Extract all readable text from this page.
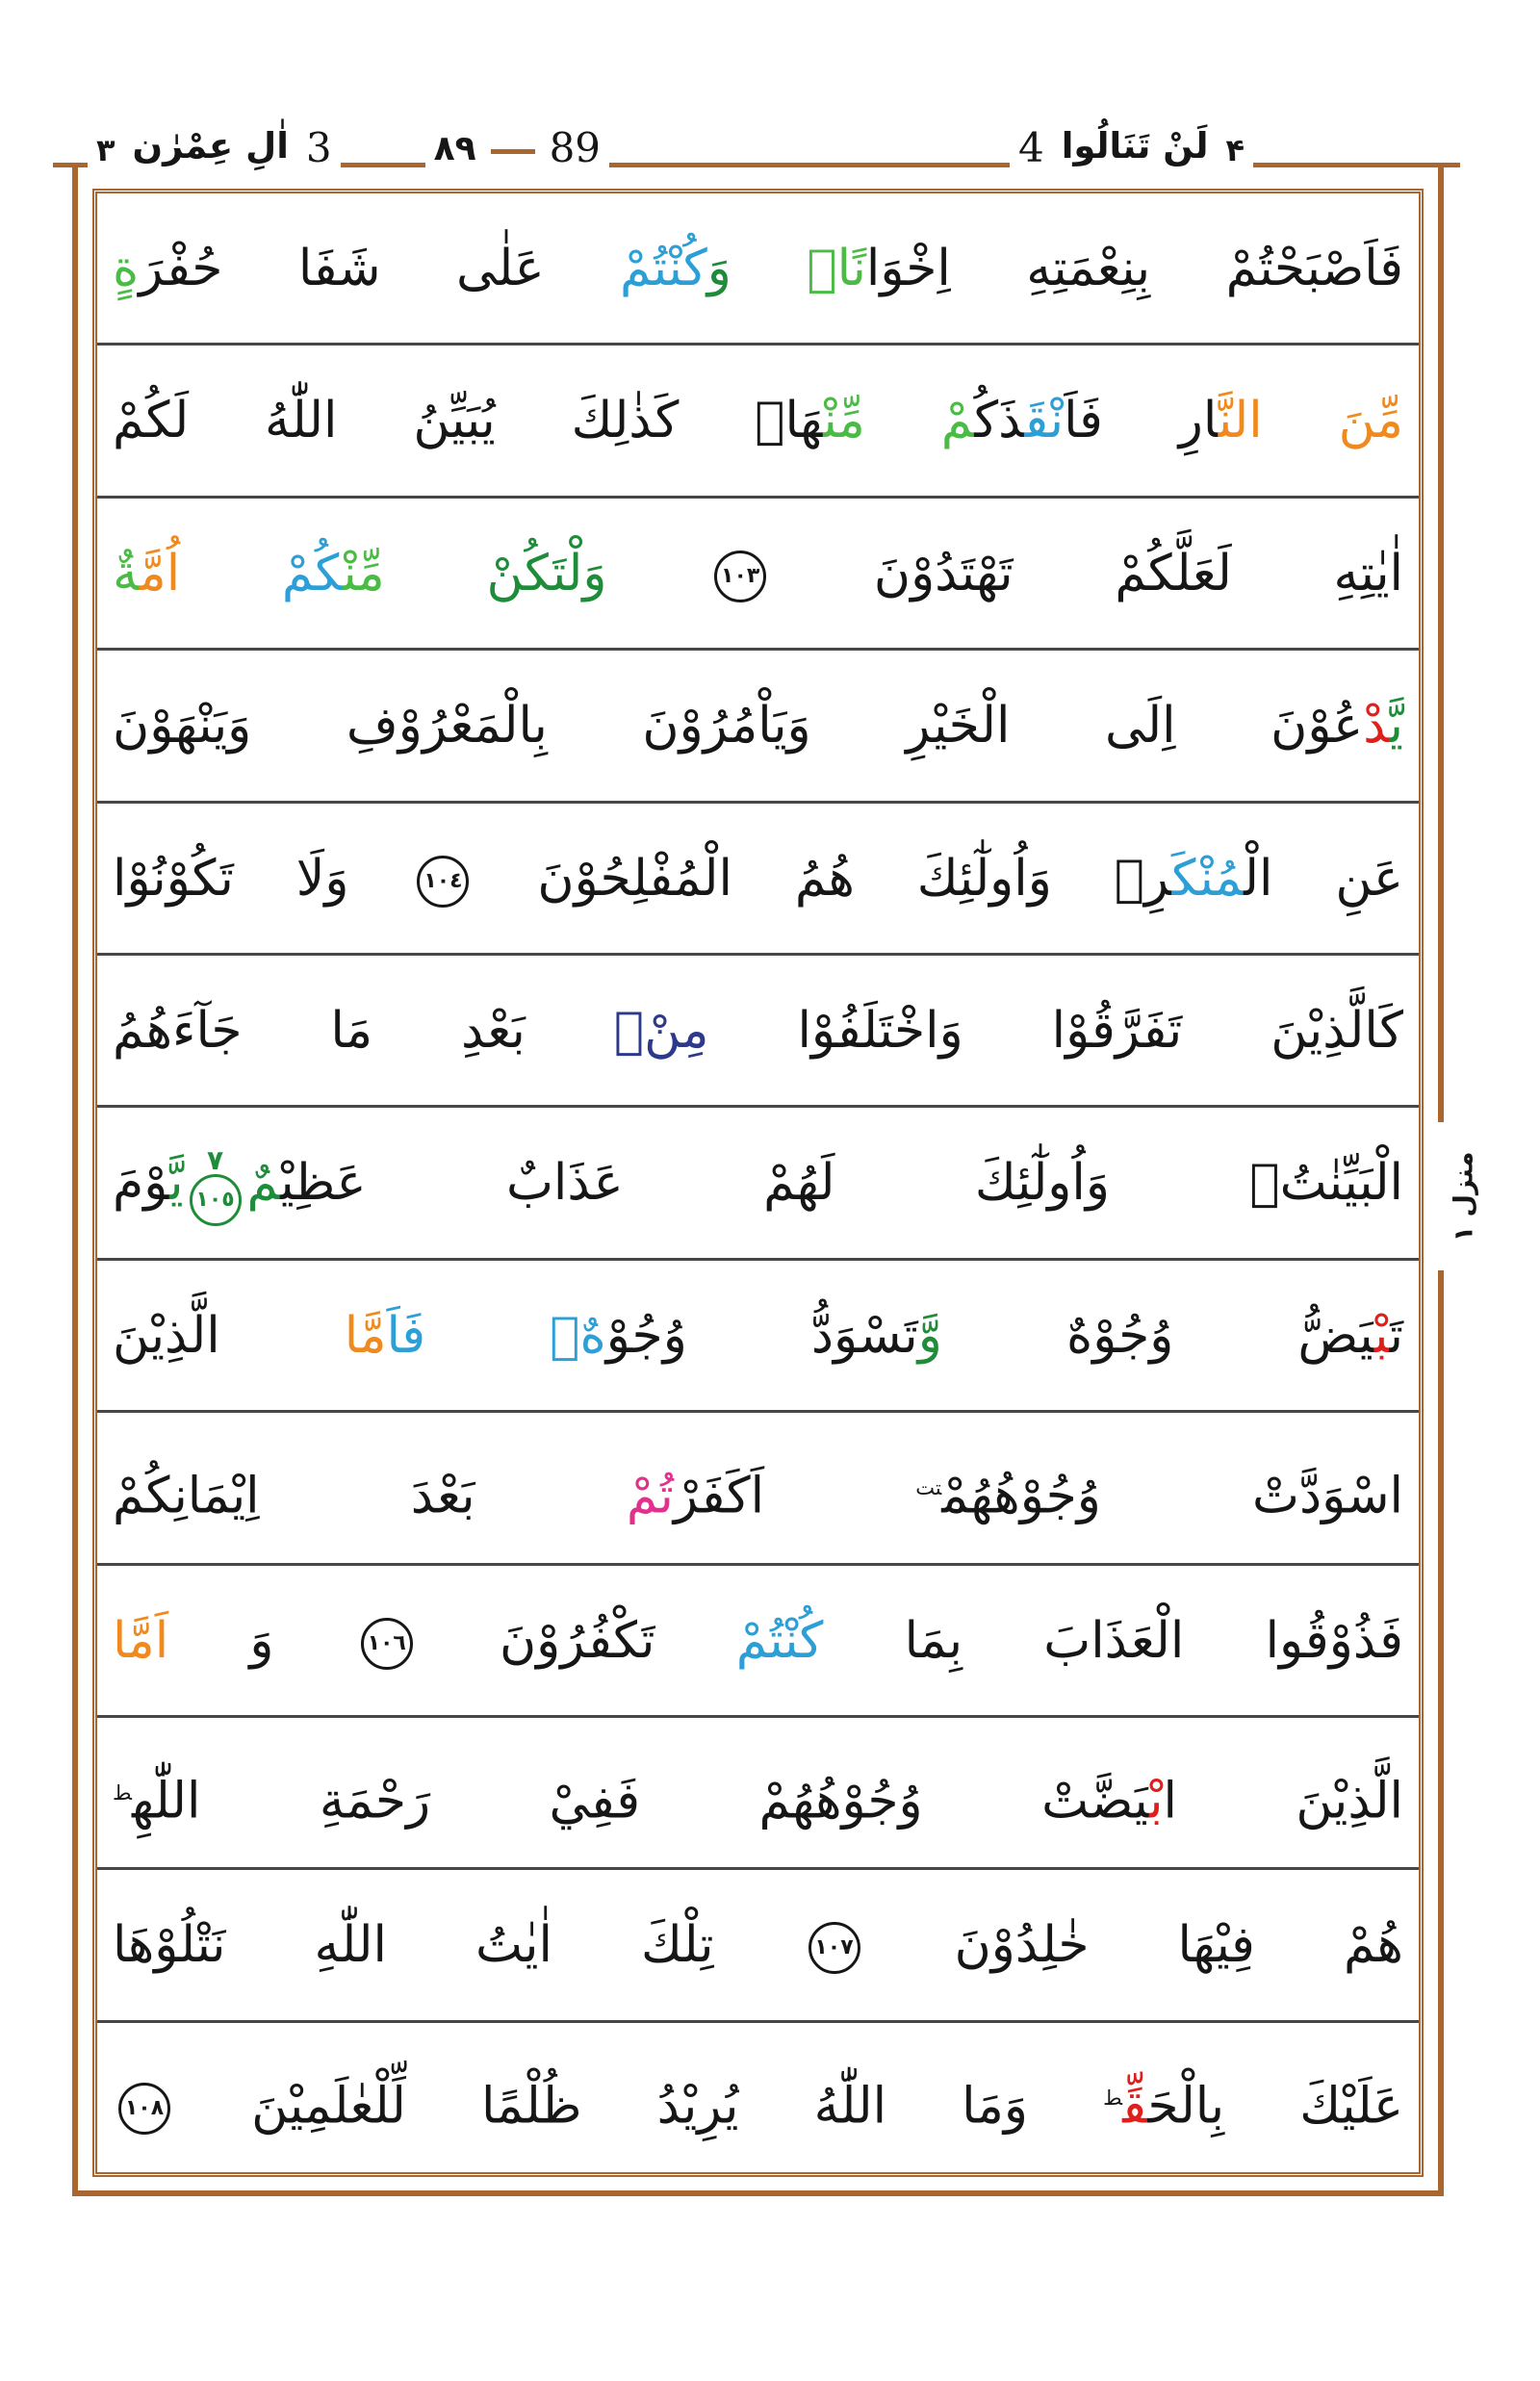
۳ اٰلِ عِمْرٰن 3	٨٩ 89	4 لَنْ تَنَالُوا ۴
فَاَصْبَحْتُمْ بِنِعْمَتِهِ اِخْوَانًاۚ وَكُنْتُمْ عَلٰى شَفَا حُفْرَةٍ
مِّنَ النَّارِ فَاَنْقَذَكُمْ مِّنْهَاۗ كَذٰلِكَ يُبَيِّنُ اللّٰهُ لَكُمْ
اٰيٰتِهِ لَعَلَّكُمْ تَهْتَدُوْنَ
١٠٣
وَلْتَكُنْ مِّنْكُمْ اُمَّةٌ
يَّدْعُوْنَ اِلَى الْخَيْرِ وَيَاْمُرُوْنَ بِالْمَعْرُوْفِ وَيَنْهَوْنَ
عَنِ الْمُنْكَرِۗ وَاُولٰٓئِكَ هُمُ الْمُفْلِحُوْنَ
١٠٤
وَلَا تَكُوْنُوْا
كَالَّذِيْنَ تَفَرَّقُوْا وَاخْتَلَفُوْا مِنْۢ بَعْدِ مَا جَآءَهُمُ
الْبَيِّنٰتُۗ وَاُولٰٓئِكَ لَهُمْ عَذَابٌ عَظِيْمٌ
٧
١٠٥
يَّوْمَ
تَبْيَضُّ وُجُوْهٌ وَّتَسْوَدُّ وُجُوْهٌۚ فَاَمَّا الَّذِيْنَ
اسْوَدَّتْ وُجُوْهُهُمْ$^{تت}$ اَكَفَرْتُمْ بَعْدَ اِيْمَانِكُمْ
فَذُوْقُوا الْعَذَابَ بِمَا كُنْتُمْ تَكْفُرُوْنَ
١٠٦
وَ اَمَّا
الَّذِيْنَ ابْيَضَّتْ وُجُوْهُهُمْ فَفِيْ رَحْمَةِ اللّٰهِ$^ط$
هُمْ فِيْهَا خٰلِدُوْنَ
١٠٧
تِلْكَ اٰيٰتُ اللّٰهِ نَتْلُوْهَا
عَلَيْكَ بِالْحَقِّ$^ط$ وَمَا اللّٰهُ يُرِيْدُ ظُلْمًا لِّلْعٰلَمِيْنَ
١٠٨
منزل ۱
